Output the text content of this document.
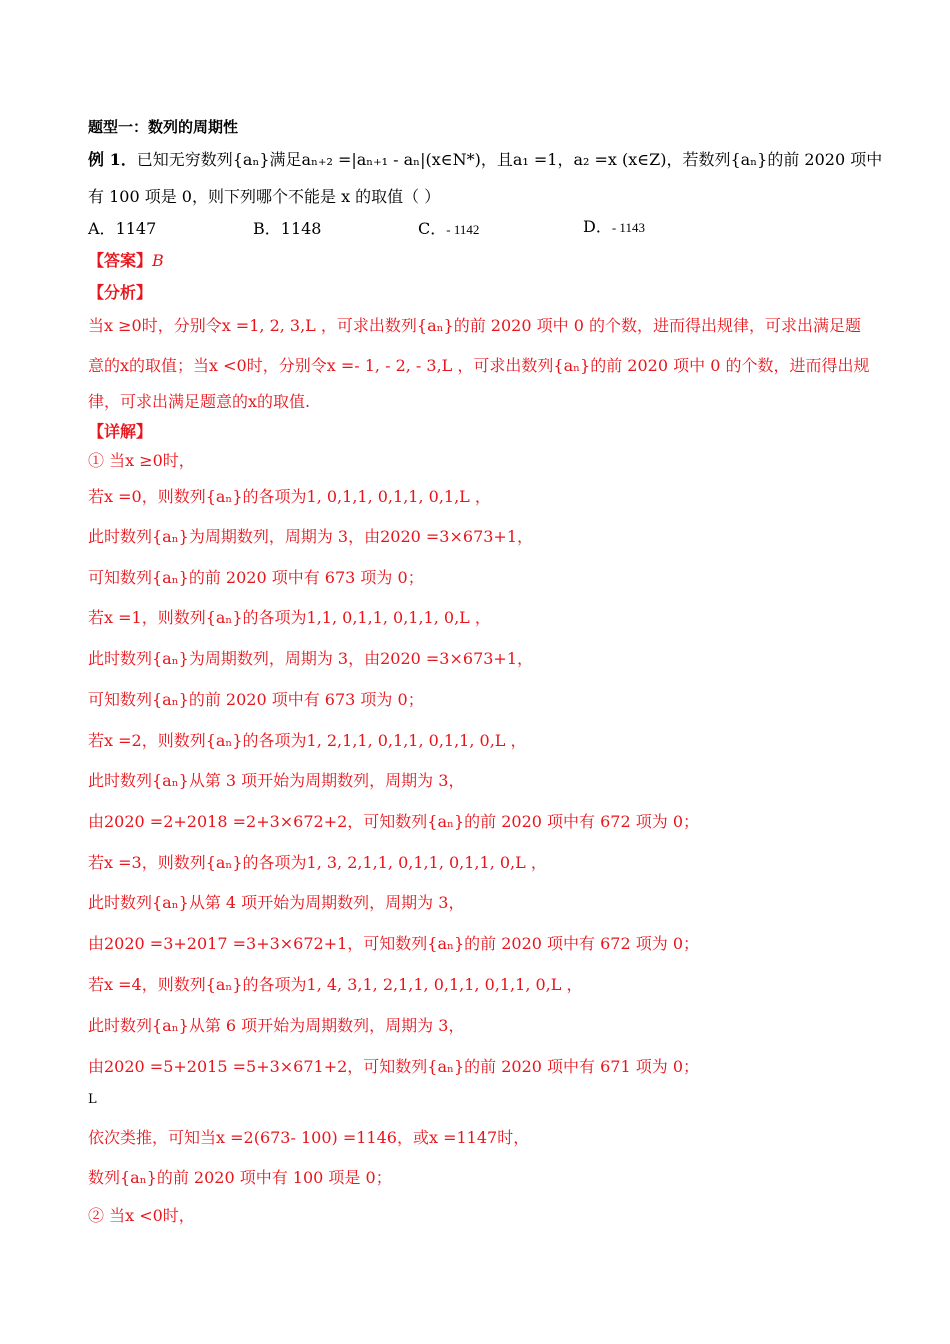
题型一：数列的周期性
例 1．已知无穷数列{aₙ}满足aₙ₊₂ =|aₙ₊₁ - aₙ|(x∈N*)，且a₁ =1，a₂ =x (x∈Z)，若数列{aₙ}的前 2020 项中
有 100 项是 0，则下列哪个不能是 x 的取值（ ）
A．1147	B．1148	C．- 1142	D．- 1143
【答案】B
【分析】
当x ≥0时，分别令x =1, 2, 3,L ，可求出数列{aₙ}的前 2020 项中 0 的个数，进而得出规律，可求出满足题
意的x的取值；当x <0时，分别令x =- 1, - 2, - 3,L ，可求出数列{aₙ}的前 2020 项中 0 的个数，进而得出规
律，可求出满足题意的x的取值.
【详解】
① 当x ≥0时，
若x =0，则数列{aₙ}的各项为1, 0,1,1, 0,1,1, 0,1,L ，
此时数列{aₙ}为周期数列，周期为 3，由2020 =3×673+1，
可知数列{aₙ}的前 2020 项中有 673 项为 0；
若x =1，则数列{aₙ}的各项为1,1, 0,1,1, 0,1,1, 0,L ，
此时数列{aₙ}为周期数列，周期为 3，由2020 =3×673+1，
可知数列{aₙ}的前 2020 项中有 673 项为 0；
若x =2，则数列{aₙ}的各项为1, 2,1,1, 0,1,1, 0,1,1, 0,L ，
此时数列{aₙ}从第 3 项开始为周期数列，周期为 3，
由2020 =2+2018 =2+3×672+2，可知数列{aₙ}的前 2020 项中有 672 项为 0；
若x =3，则数列{aₙ}的各项为1, 3, 2,1,1, 0,1,1, 0,1,1, 0,L ，
此时数列{aₙ}从第 4 项开始为周期数列，周期为 3，
由2020 =3+2017 =3+3×672+1，可知数列{aₙ}的前 2020 项中有 672 项为 0；
若x =4，则数列{aₙ}的各项为1, 4, 3,1, 2,1,1, 0,1,1, 0,1,1, 0,L ，
此时数列{aₙ}从第 6 项开始为周期数列，周期为 3，
由2020 =5+2015 =5+3×671+2，可知数列{aₙ}的前 2020 项中有 671 项为 0；
L
依次类推，可知当x =2(673- 100) =1146，或x =1147时，
数列{aₙ}的前 2020 项中有 100 项是 0；
② 当x <0时，
